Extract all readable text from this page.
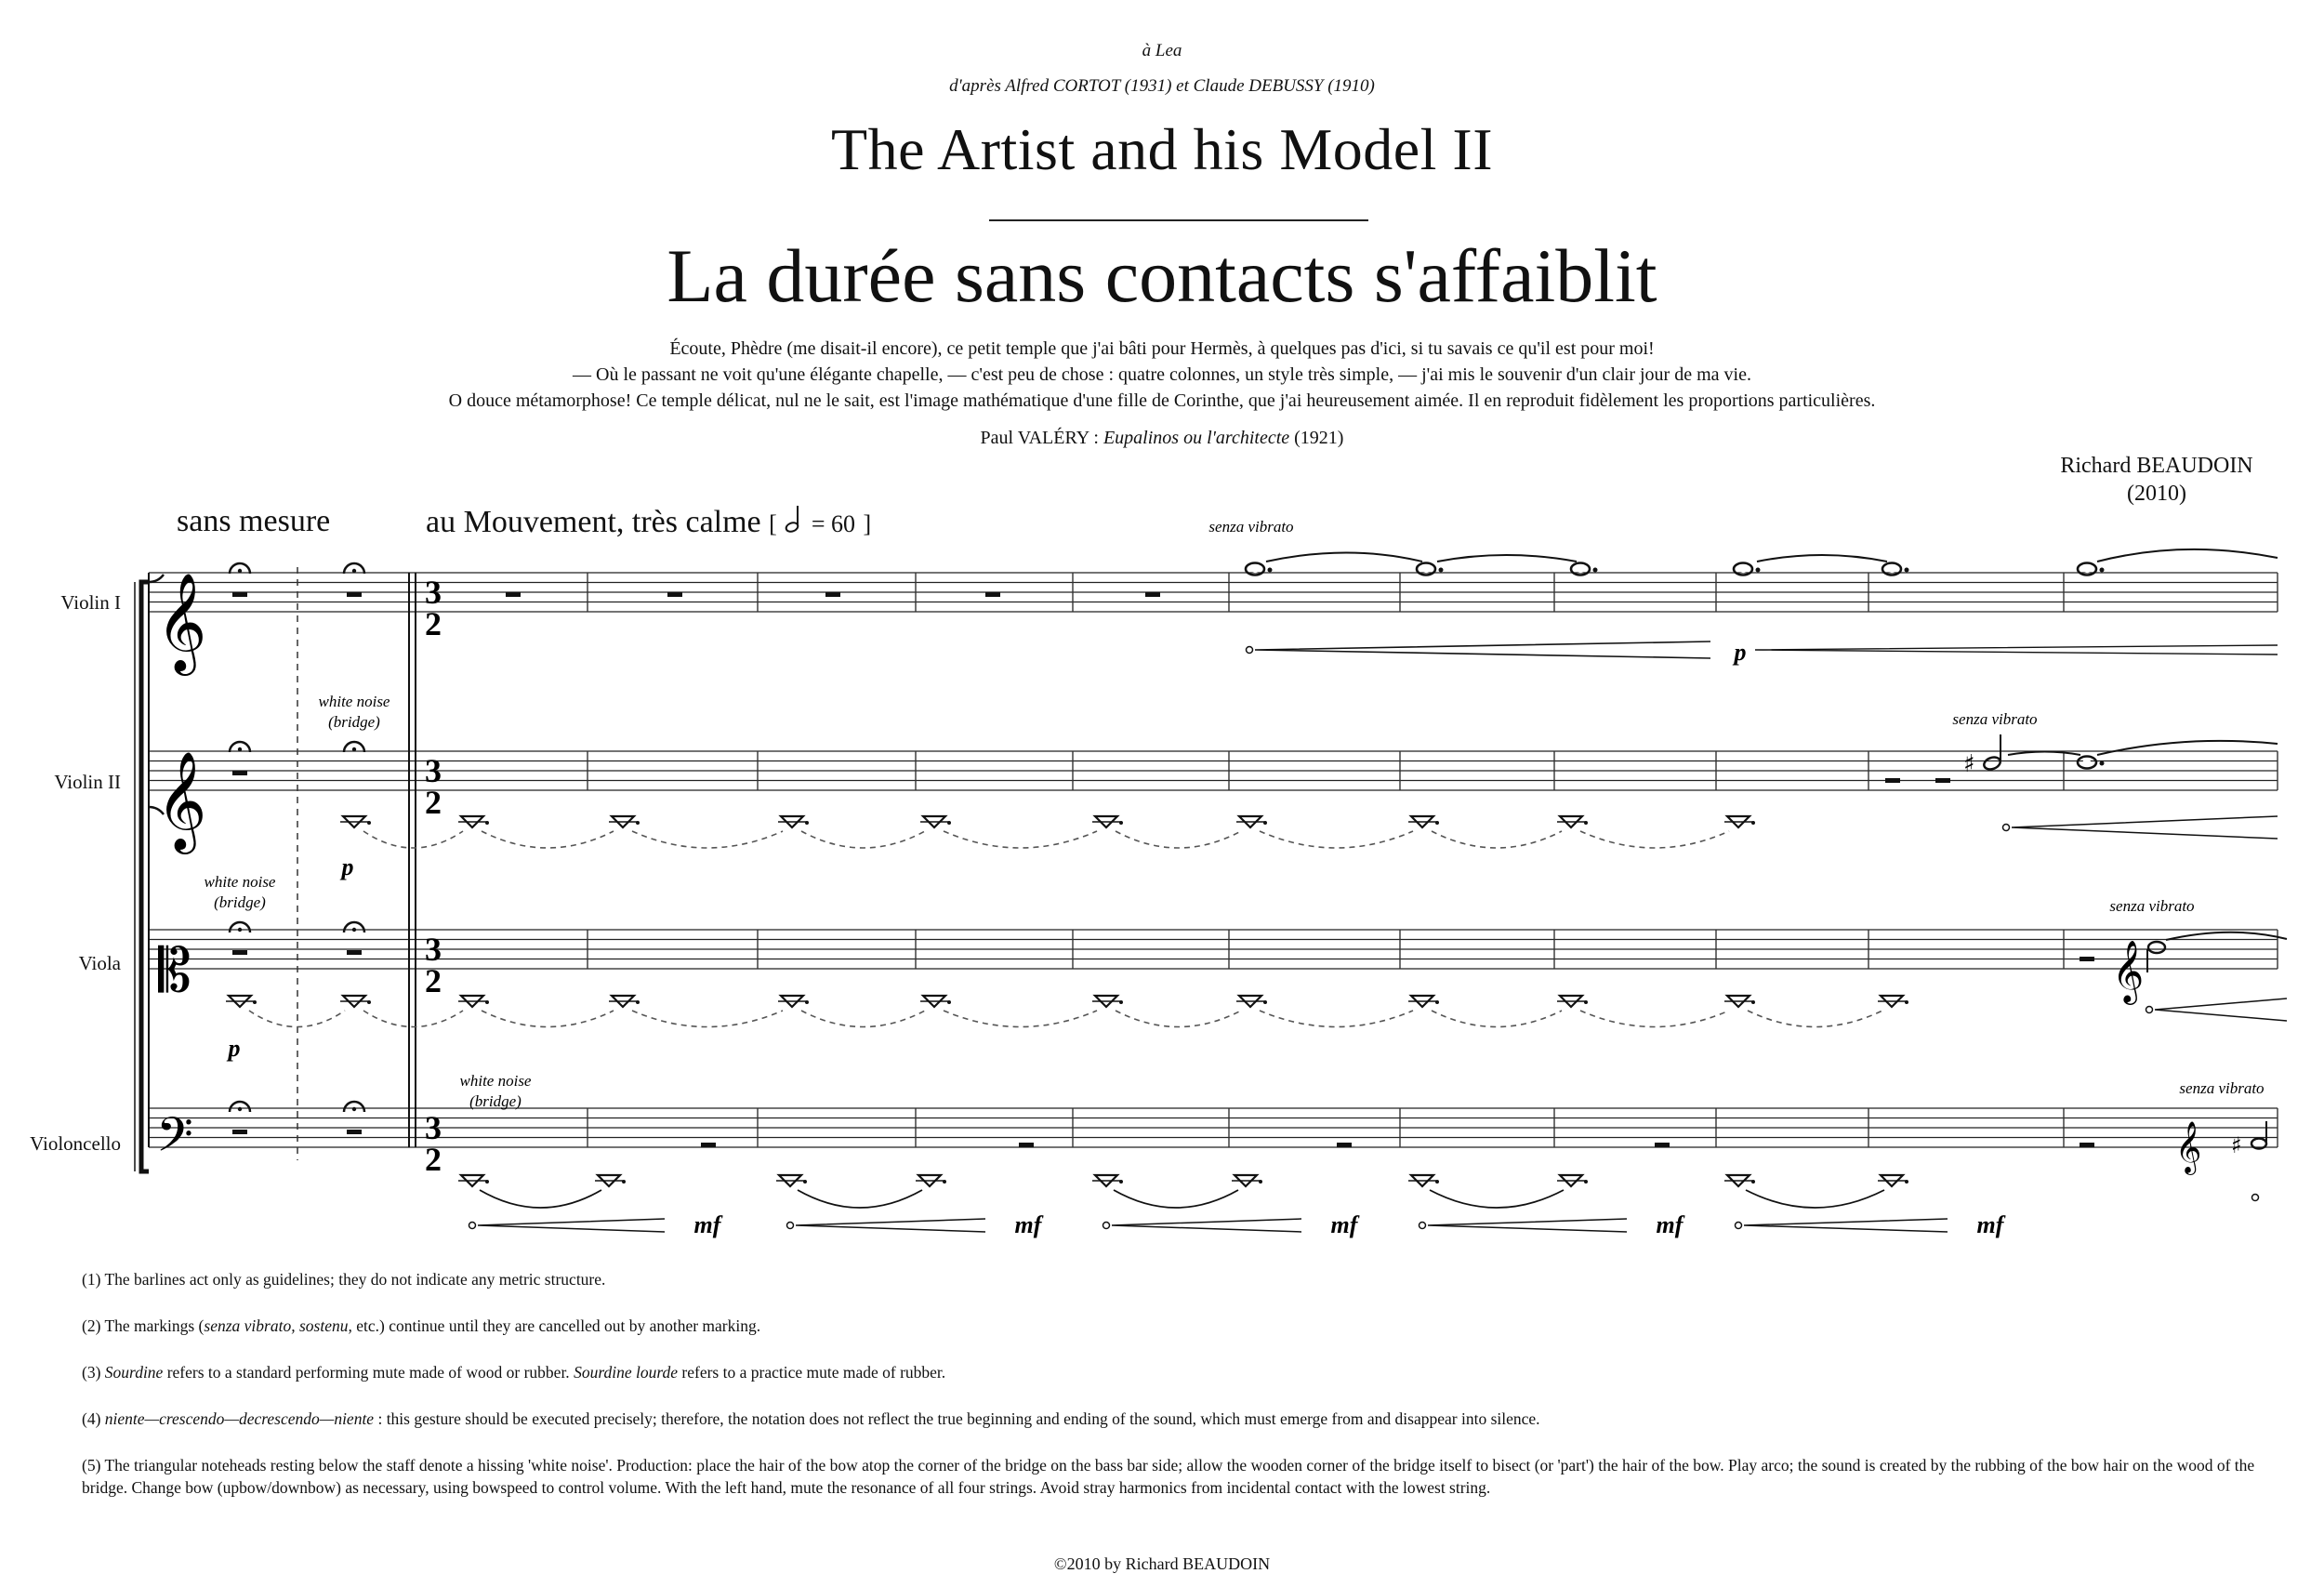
à Lea
d'après Alfred CORTOT (1931) et Claude DEBUSSY (1910)
The Artist and his Model II
La durée sans contacts s'affaiblit
Écoute, Phèdre (me disait-il encore), ce petit temple que j'ai bâti pour Hermès, à quelques pas d'ici, si tu savais ce qu'il est pour moi!
— Où le passant ne voit qu'une élégante chapelle, — c'est peu de chose : quatre colonnes, un style très simple, — j'ai mis le souvenir d'un clair jour de ma vie.
O douce métamorphose! Ce temple délicat, nul ne le sait, est l'image mathématique d'une fille de Corinthe, que j'ai heureusement aimée. Il en reproduit fidèlement les proportions particulières.
Paul VALÉRY : Eupalinos ou l'architecte (1921)
Richard BEAUDOIN
(2010)
sans mesure	au Mouvement, très calme [ = 60 ]
Violin I
Violin II
Viola
Violoncello
𝄞
𝄞
𝄡
𝄢
3
2
3
2
3
2
3
2
♯
𝄞
𝄞 ♯
senza vibrato
senza vibrato
senza vibrato
senza vibrato
white noise
(bridge)
white noise
(bridge)
white noise
(bridge)
p
p
p
mf	mf	mf	mf	mf
(1) The barlines act only as guidelines; they do not indicate any metric structure.
(2) The markings (senza vibrato, sostenu, etc.) continue until they are cancelled out by another marking.
(3) Sourdine refers to a standard performing mute made of wood or rubber. Sourdine lourde refers to a practice mute made of rubber.
(4) niente—crescendo—decrescendo—niente : this gesture should be executed precisely; therefore, the notation does not reflect the true beginning and ending of the sound, which must emerge from and disappear into silence.
(5) The triangular noteheads resting below the staff denote a hissing 'white noise'. Production: place the hair of the bow atop the corner of the bridge on the bass bar side; allow the wooden corner of the bridge itself to bisect (or 'part') the hair of the bow. Play arco; the sound is created by the rubbing of the bow hair on the wood of the bridge. Change bow (upbow/downbow) as necessary, using bowspeed to control volume. With the left hand, mute the resonance of all four strings. Avoid stray harmonics from incidental contact with the lowest string.
©2010 by Richard BEAUDOIN
